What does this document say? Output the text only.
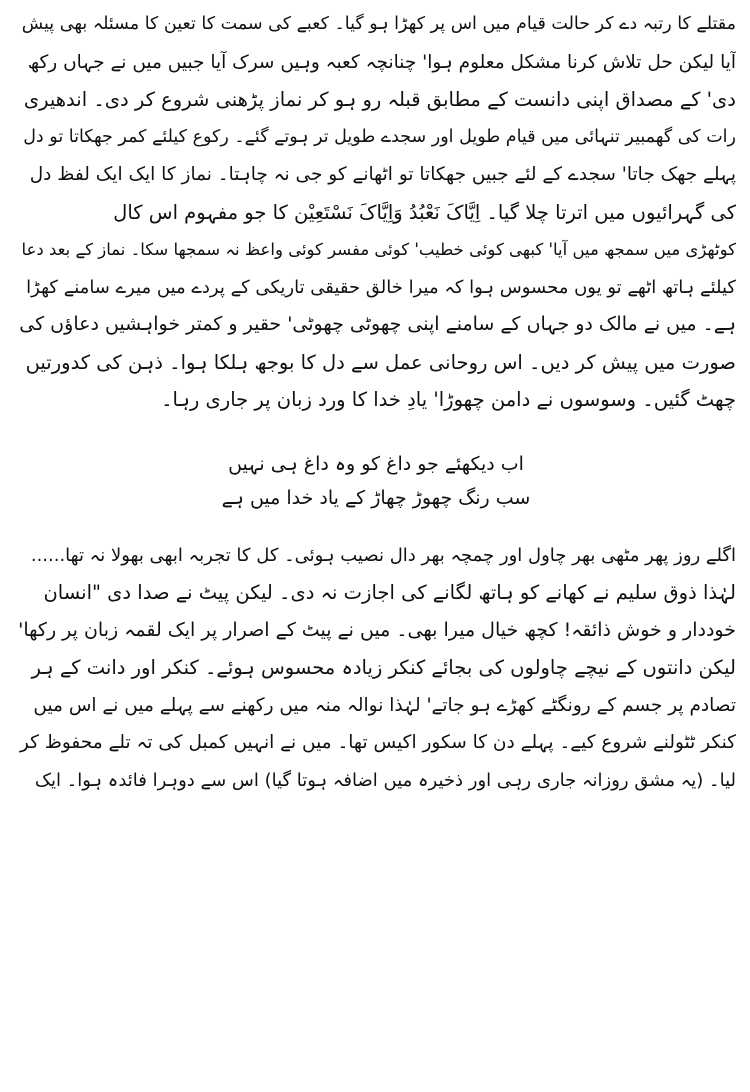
مقتلے کا رتبہ دے کر حالت قیام میں اس پر کھڑا ہو گیا۔ کعبے کی سمت کا تعین کا مسئلہ بھی پیش
آیا لیکن حل تلاش کرنا مشکل معلوم ہوا' چنانچہ کعبہ وہیں سرک آیا جبیں میں نے جہاں رکھ
دی' کے مصداق اپنی دانست کے مطابق قبلہ رو ہو کر نماز پڑھنی شروع کر دی۔ اندھیری
رات کی گھمبیر تنہائی میں قیام طویل اور سجدے طویل تر ہوتے گئے۔ رکوع کیلئے کمر جھکاتا تو دل
پہلے جھک جاتا' سجدے کے لئے جبیں جھکاتا تو اٹھانے کو جی نہ چاہتا۔ نماز کا ایک ایک لفظ دل
کی گہرائیوں میں اترتا چلا گیا۔ اِیَّاکَ نَعْبُدُ وَاِیَّاکَ نَسْتَعِیْن کا جو مفہوم اس کال
کوٹھڑی میں سمجھ میں آیا' کبھی کوئی خطیب' کوئی مفسر کوئی واعظ نہ سمجھا سکا۔ نماز کے بعد دعا
کیلئے ہاتھ اٹھے تو یوں محسوس ہوا کہ میرا خالق حقیقی تاریکی کے پردے میں میرے سامنے کھڑا
ہے۔ میں نے مالک دو جہاں کے سامنے اپنی چھوٹی چھوٹی' حقیر و کمتر خواہشیں دعاؤں کی
صورت میں پیش کر دیں۔ اس روحانی عمل سے دل کا بوجھ ہلکا ہوا۔ ذہن کی کدورتیں
چھٹ گئیں۔ وسوسوں نے دامن چھوڑا' یادِ خدا کا ورد زبان پر جاری رہا۔
اب دیکھئے جو داغ کو وہ داغ ہی نہیں
سب رنگ چھوڑ چھاڑ کے یاد خدا میں ہے
اگلے روز پھر مٹھی بھر چاول اور چمچہ بھر دال نصیب ہوئی۔ کل کا تجربہ ابھی بھولا نہ تھا......
لہٰذا ذوق سلیم نے کھانے کو ہاتھ لگانے کی اجازت نہ دی۔ لیکن پیٹ نے صدا دی "انسان
خوددار و خوش ذائقہ! کچھ خیال میرا بھی۔ میں نے پیٹ کے اصرار پر ایک لقمہ زبان پر رکھا'
لیکن دانتوں کے نیچے چاولوں کی بجائے کنکر زیادہ محسوس ہوئے۔ کنکر اور دانت کے ہر
تصادم پر جسم کے رونگٹے کھڑے ہو جاتے' لہٰذا نوالہ منہ میں رکھنے سے پہلے میں نے اس میں
کنکر ٹٹولنے شروع کیے۔ پہلے دن کا سکور اکیس تھا۔ میں نے انہیں کمبل کی تہ تلے محفوظ کر
لیا۔ (یہ مشق روزانہ جاری رہی اور ذخیرہ میں اضافہ ہوتا گیا) اس سے دوہرا فائدہ ہوا۔ ایک
